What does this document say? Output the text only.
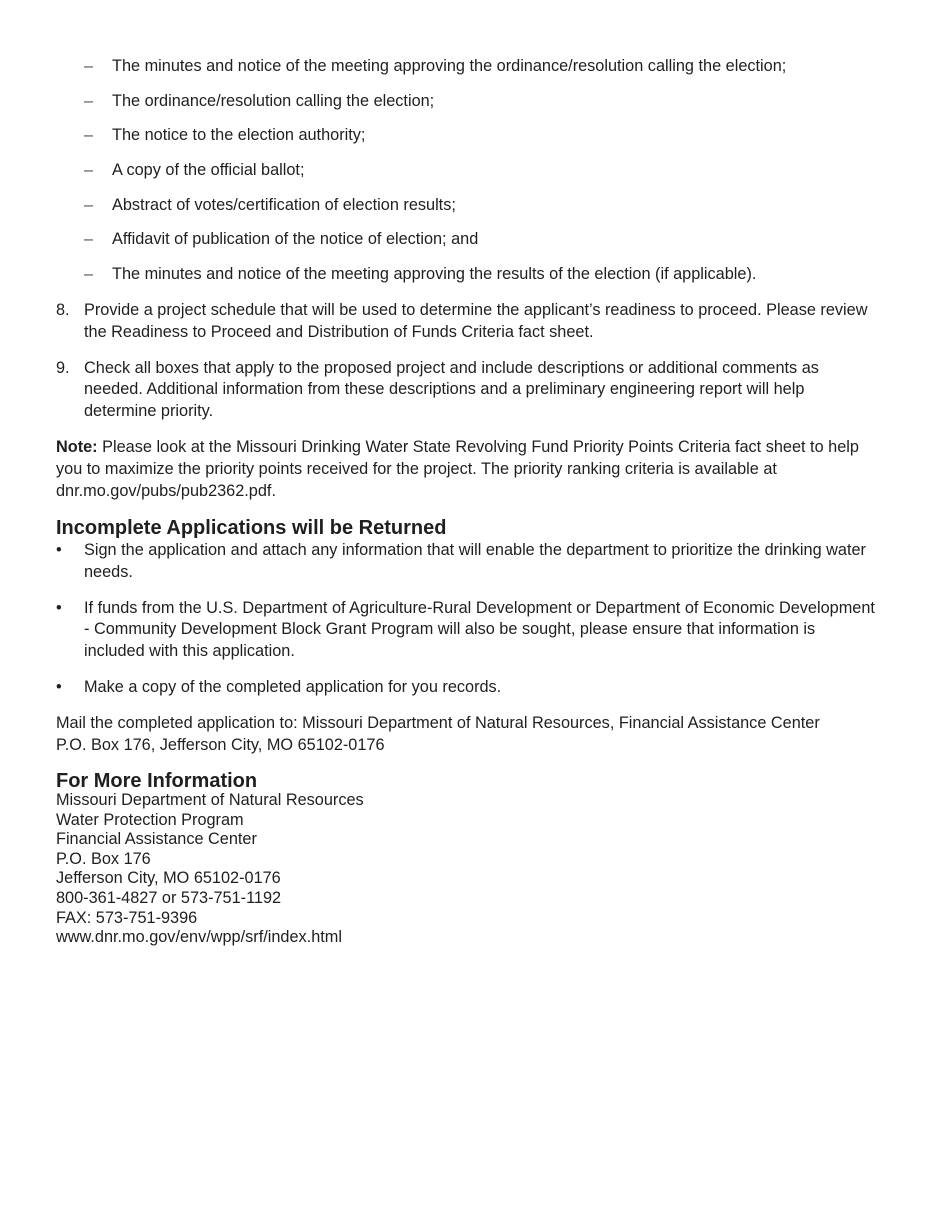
– The minutes and notice of the meeting approving the ordinance/resolution calling the election;
– The ordinance/resolution calling the election;
– The notice to the election authority;
– A copy of the official ballot;
– Abstract of votes/certification of election results;
– Affidavit of publication of the notice of election; and
– The minutes and notice of the meeting approving the results of the election (if applicable).
8. Provide a project schedule that will be used to determine the applicant’s readiness to proceed. Please review the Readiness to Proceed and Distribution of Funds Criteria fact sheet.
9. Check all boxes that apply to the proposed project and include descriptions or additional comments as needed. Additional information from these descriptions and a preliminary engineering report will help determine priority.

Note: Please look at the Missouri Drinking Water State Revolving Fund Priority Points Criteria fact sheet to help you to maximize the priority points received for the project. The priority ranking criteria is available at dnr.mo.gov/pubs/pub2362.pdf.

Incomplete Applications will be Returned
• Sign the application and attach any information that will enable the department to prioritize the drinking water needs.
• If funds from the U.S. Department of Agriculture-Rural Development or Department of Economic Development - Community Development Block Grant Program will also be sought, please ensure that information is included with this application.
• Make a copy of the completed application for you records.

Mail the completed application to: Missouri Department of Natural Resources, Financial Assistance Center
P.O. Box 176, Jefferson City, MO 65102-0176

For More Information
Missouri Department of Natural Resources
Water Protection Program
Financial Assistance Center
P.O. Box 176
Jefferson City, MO 65102-0176
800-361-4827 or 573-751-1192
FAX: 573-751-9396
www.dnr.mo.gov/env/wpp/srf/index.html
